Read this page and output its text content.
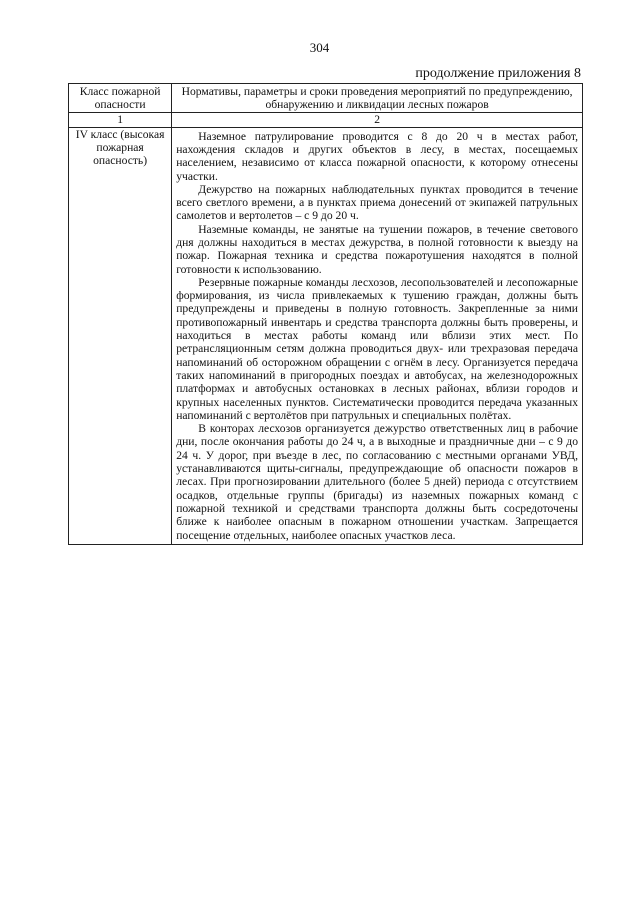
304
продолжение приложения 8
Класс пожарной опасности	Нормативы, параметры и сроки проведения мероприятий по предупреждению, обнаружению и ликвидации лесных пожаров
1	2
IV класс (высокая пожарная опасность)	Наземное патрулирование проводится с 8 до 20 ч в местах работ, нахождения складов и других объектов в лесу, в местах, посещаемых населением, независимо от класса пожарной опасности, к которому отнесены участки.

Дежурство на пожарных наблюдательных пунктах проводится в течение всего светлого времени, а в пунктах приема донесений от экипажей патрульных самолетов и вертолетов – с 9 до 20 ч.

Наземные команды, не занятые на тушении пожаров, в течение светового дня должны находиться в местах дежурства, в полной готовности к выезду на пожар. Пожарная техника и средства пожаротушения находятся в полной готовности к использованию.

Резервные пожарные команды лесхозов, лесопользователей и лесопожарные формирования, из числа привлекаемых к тушению граждан, должны быть предупреждены и приведены в полную готовность. Закрепленные за ними противопожарный инвентарь и средства транспорта должны быть проверены, и находиться в местах работы команд или вблизи этих мест. По ретрансляционным сетям должна проводиться двух- или трехразовая передача напоминаний об осторожном обращении с огнём в лесу. Организуется передача таких напоминаний в пригородных поездах и автобусах, на железнодорожных платформах и автобусных остановках в лесных районах, вблизи городов и крупных населенных пунктов. Систематически проводится передача указанных напоминаний с вертолётов при патрульных и специальных полётах.

В конторах лесхозов организуется дежурство ответственных лиц в рабочие дни, после окончания работы до 24 ч, а в выходные и праздничные дни – с 9 до 24 ч. У дорог, при въезде в лес, по согласованию с местными органами УВД, устанавливаются щиты-сигналы, предупреждающие об опасности пожаров в лесах. При прогнозировании длительного (более 5 дней) периода с отсутствием осадков, отдельные группы (бригады) из наземных пожарных команд с пожарной техникой и средствами транспорта должны быть сосредоточены ближе к наиболее опасным в пожарном отношении участкам. Запрещается посещение отдельных, наиболее опасных участков леса.
